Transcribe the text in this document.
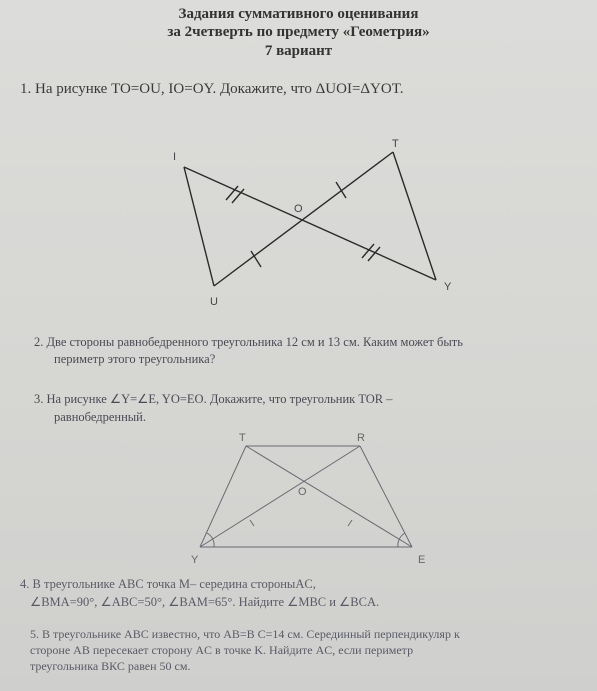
Задания суммативного оценивания
за 2четверть по предмету «Геометрия»
7 вариант
1. На рисунке TO=OU, IO=OY. Докажите, что ΔUOI=ΔYOT.
I
T
O
U
Y
2. Две стороны равнобедренного треугольника 12 см и 13 см. Каким может быть
периметр этого треугольника?
3. На рисунке ∠Y=∠E, YO=EO. Докажите, что треугольник TOR –
равнобедренный.
T	R
O
Y	E
4. В треугольнике ABC точка M– середина стороныAC,
∠BMA=90°, ∠ABC=50°, ∠BAM=65°. Найдите ∠MBC и ∠BCA.
5. В треугольнике ABC известно, что AB=B C=14 см. Серединный перпендикуляр к
стороне AB пересекает сторону AC в точке K. Найдите AC, если периметр
треугольника ВКС равен 50 см.
